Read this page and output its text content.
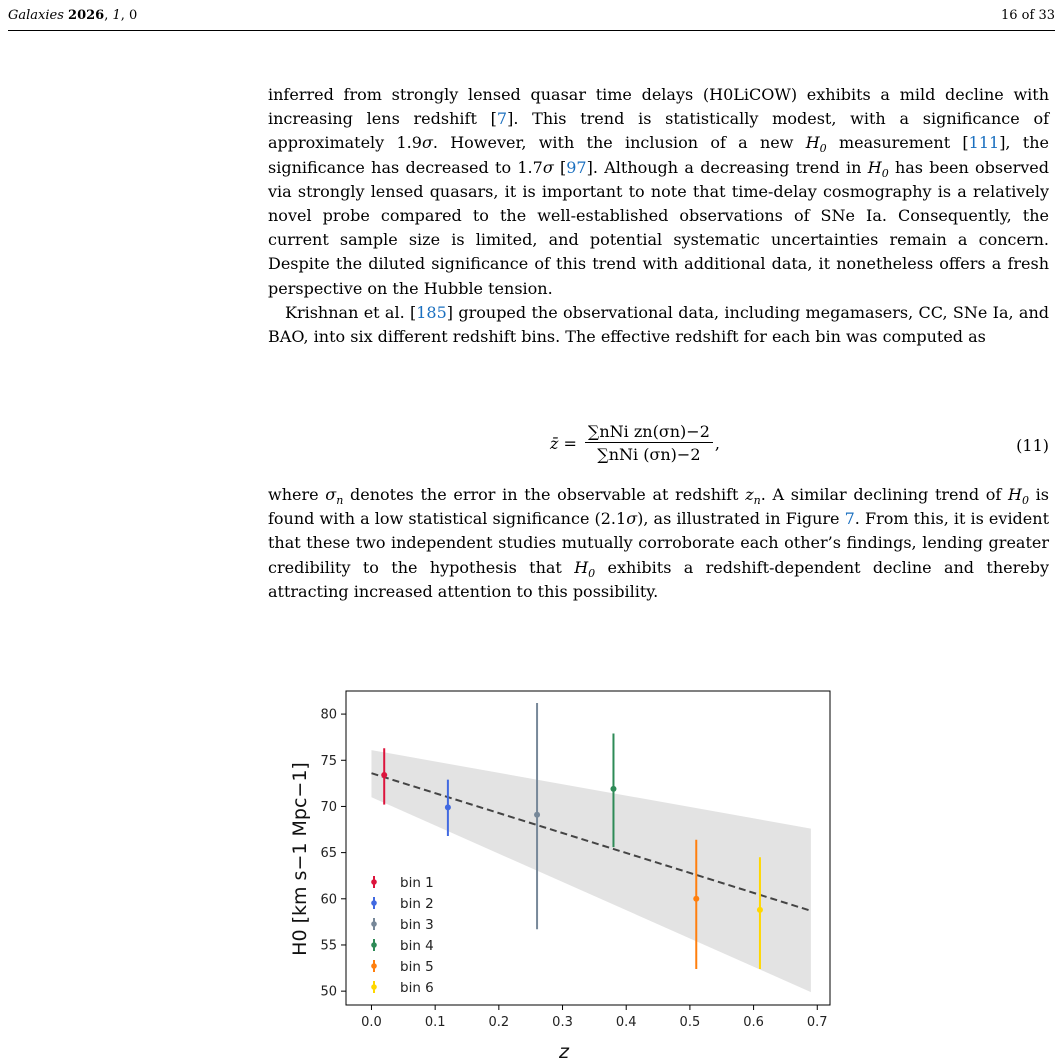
Galaxies 2026, 1, 0	16 of 33

inferred from strongly lensed quasar time delays (H0LiCOW) exhibits a mild decline with increasing lens redshift [7]. This trend is statistically modest, with a significance of approximately 1.9σ. However, with the inclusion of a new $H_0$ measurement [111], the significance has decreased to 1.7σ [97]. Although a decreasing trend in $H_0$ has been observed via strongly lensed quasars, it is important to note that time-delay cosmography is a relatively novel probe compared to the well-established observations of SNe Ia. Consequently, the current sample size is limited, and potential systematic uncertainties remain a concern. Despite the diluted significance of this trend with additional data, it nonetheless offers a fresh perspective on the Hubble tension.

Krishnan et al. [185] grouped the observational data, including megamasers, CC, SNe Ia, and BAO, into six different redshift bins. The effective redshift for each bin was computed as

z̄ = $\frac{\text{∑nNi zn(σn)−2}}{\text{∑nNi (σn)−2}}$ ,	(11)

where $\sigma_n$ denotes the error in the observable at redshift $z_n$. A similar declining trend of $H_0$ is found with a low statistical significance (2.1σ), as illustrated in Figure 7. From this, it is evident that these two independent studies mutually corroborate each other’s findings, lending greater credibility to the hypothesis that $H_0$ exhibits a redshift-dependent decline and thereby attracting increased attention to this possibility.

0.0	0.1	0.2	0.3	0.4	0.5	0.6	0.7
50
55
60
65
70
75
80
bin 1
bin 2
bin 3
bin 4
bin 5
bin 6
z
H0 [km s−1 Mpc−1]
